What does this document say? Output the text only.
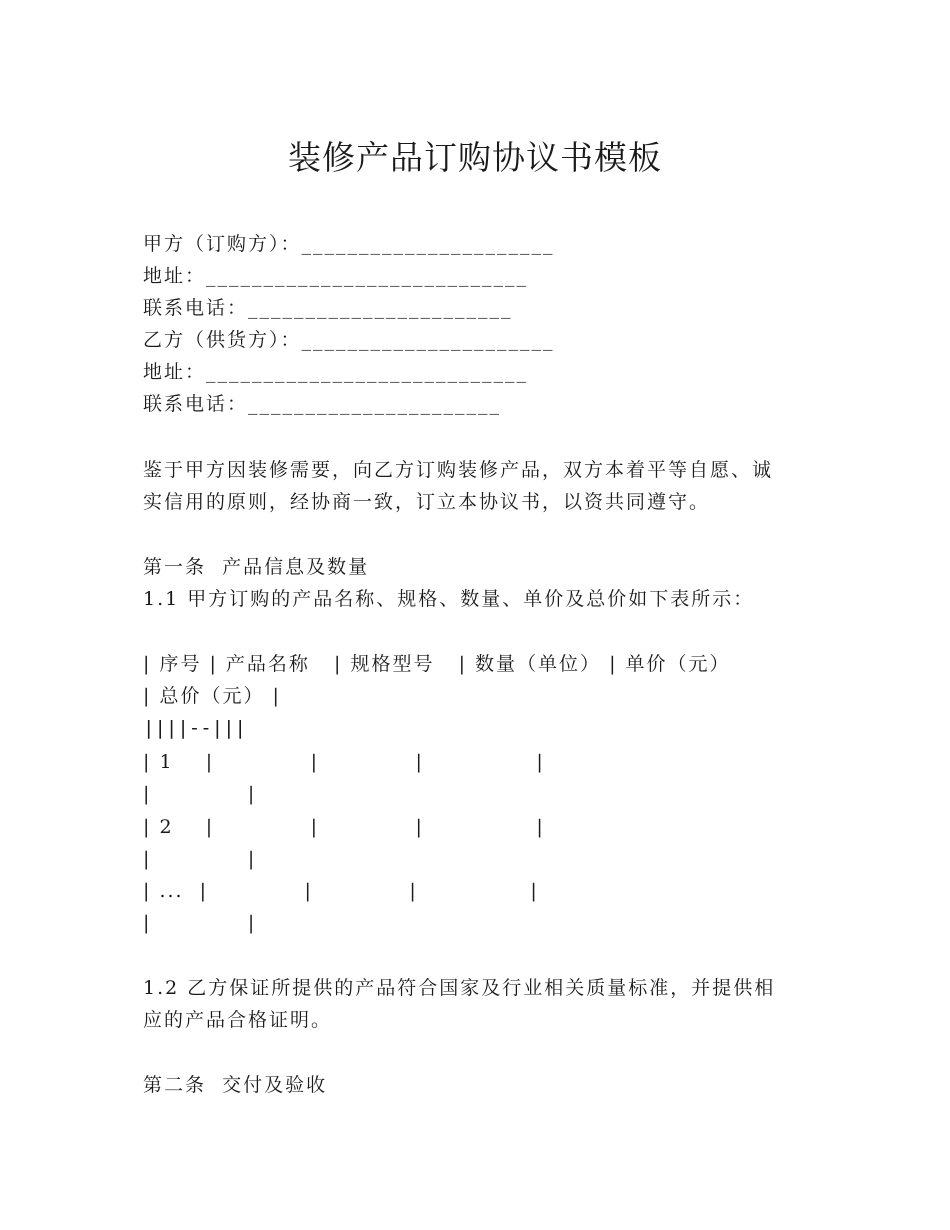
装修产品订购协议书模板
甲方（订购方）：______________________
地址：____________________________
联系电话：_______________________
乙方（供货方）：______________________
地址：____________________________
联系电话：______________________
鉴于甲方因装修需要，向乙方订购装修产品，双方本着平等自愿、诚
实信用的原则，经协商一致，订立本协议书，以资共同遵守。
第一条  产品信息及数量
1.1 甲方订购的产品名称、规格、数量、单价及总价如下表所示：
| 序号 | 产品名称   | 规格型号   | 数量（单位） | 单价（元）
| 总价（元） |
||||--|||
| 1    |            |            |              |
|            |
| 2    |            |            |              |
|            |
| ...  |            |            |              |
|            |
1.2 乙方保证所提供的产品符合国家及行业相关质量标准，并提供相
应的产品合格证明。
第二条  交付及验收
